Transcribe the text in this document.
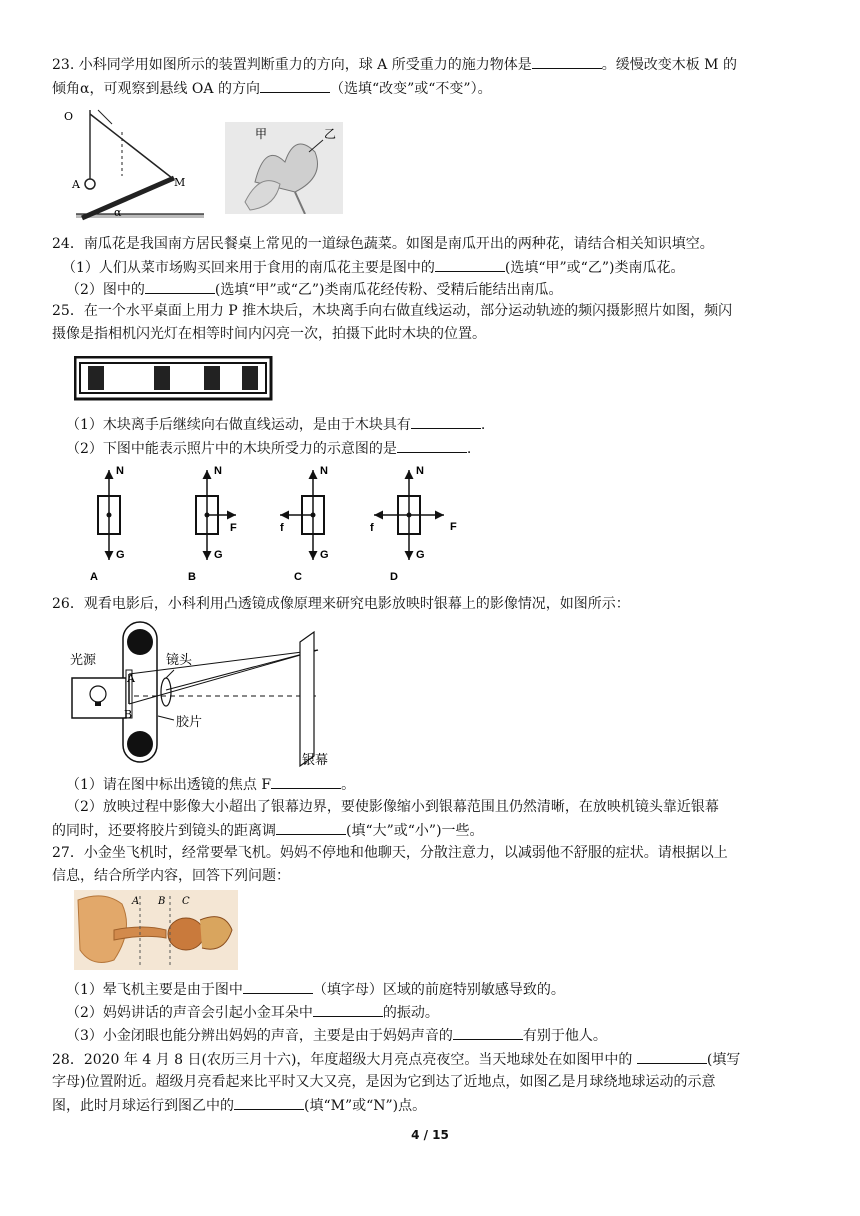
23. 小科同学用如图所示的装置判断重力的方向，球 A 所受重力的施力物体是	。缓慢改变木板 M 的
倾角α，可观察到悬线 OA 的方向	（选填“改变”或“不变”）。
O
A	M
α
甲	乙
24．南瓜花是我国南方居民餐桌上常见的一道绿色蔬菜。如图是南瓜开出的两种花，请结合相关知识填空。
（1）人们从菜市场购买回来用于食用的南瓜花主要是图中的	(选填“甲”或“乙”)类南瓜花。
（2）图中的	(选填“甲”或“乙”)类南瓜花经传粉、受精后能结出南瓜。
25．在一个水平桌面上用力 P 推木块后，木块离手向右做直线运动，部分运动轨迹的频闪摄影照片如图，频闪
摄像是指相机闪光灯在相等时间内闪亮一次，拍摄下此时木块的位置。
（1）木块离手后继续向右做直线运动，是由于木块具有	.
（2）下图中能表示照片中的木块所受力的示意图的是	.
N
G
A
N
G
F
B
N
G
f
C
N
G
f	F
D
26．观看电影后，小科利用凸透镜成像原理来研究电影放映时银幕上的影像情况，如图所示：
光源	镜头
胶片
银幕
A
B
（1）请在图中标出透镜的焦点 F	。
（2）放映过程中影像大小超出了银幕边界，要使影像缩小到银幕范围且仍然清晰，在放映机镜头靠近银幕
的同时，还要将胶片到镜头的距离调	(填“大”或“小”)一些。
27．小金坐飞机时，经常要晕飞机。妈妈不停地和他聊天，分散注意力，以减弱他不舒服的症状。请根据以上
信息，结合所学内容，回答下列问题：
A B C
（1）晕飞机主要是由于图中	（填字母）区域的前庭特别敏感导致的。
（2）妈妈讲话的声音会引起小金耳朵中	的振动。
（3）小金闭眼也能分辨出妈妈的声音，主要是由于妈妈声音的	有别于他人。
28．2020 年 4 月 8 日(农历三月十六)，年度超级大月亮点亮夜空。当天地球处在如图甲中的	(填写
字母)位置附近。超级月亮看起来比平时又大又亮，是因为它到达了近地点，如图乙是月球绕地球运动的示意
图，此时月球运行到图乙中的	(填“M”或“N”)点。
4 / 15
